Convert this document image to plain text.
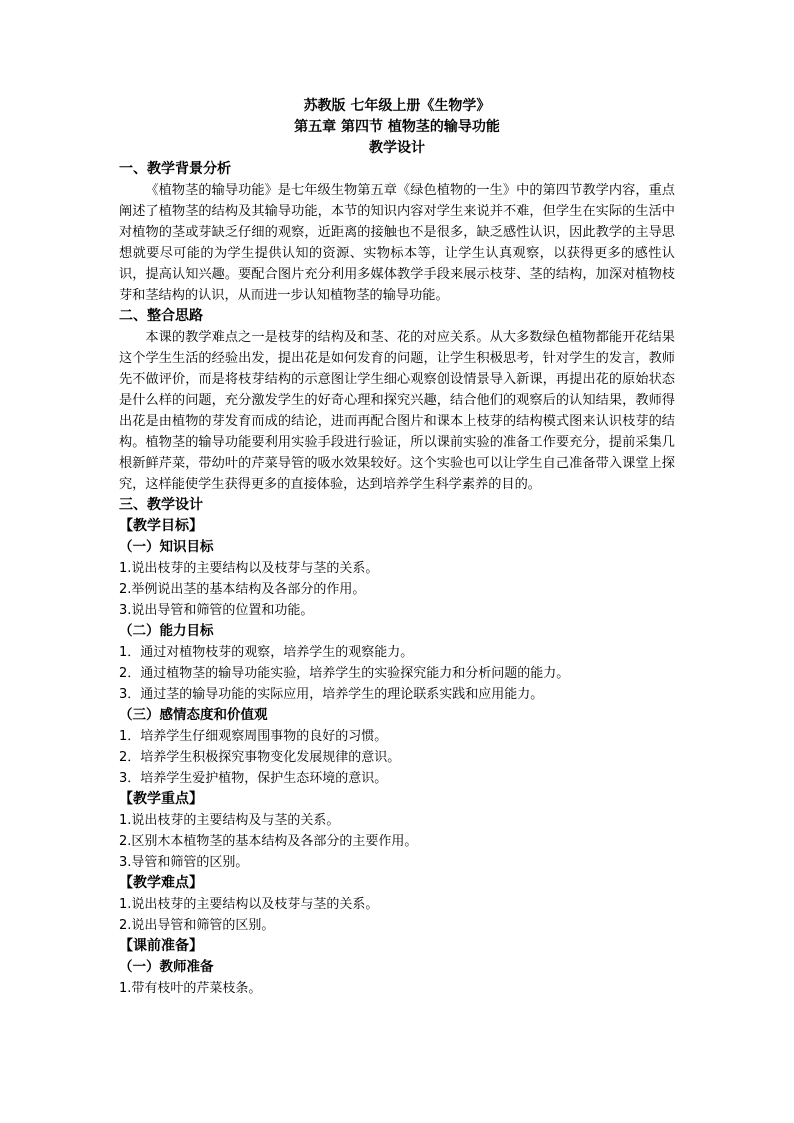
苏教版 七年级上册《生物学》
第五章 第四节 植物茎的输导功能
教学设计
一、教学背景分析

《植物茎的输导功能》是七年级生物第五章《绿色植物的一生》中的第四节教学内容，重点阐述了植物茎的结构及其输导功能，本节的知识内容对学生来说并不难，但学生在实际的生活中对植物的茎或芽缺乏仔细的观察，近距离的接触也不是很多，缺乏感性认识，因此教学的主导思想就要尽可能的为学生提供认知的资源、实物标本等，让学生认真观察，以获得更多的感性认识，提高认知兴趣。要配合图片充分利用多媒体教学手段来展示枝芽、茎的结构，加深对植物枝芽和茎结构的认识，从而进一步认知植物茎的输导功能。

二、整合思路

本课的教学难点之一是枝芽的结构及和茎、花的对应关系。从大多数绿色植物都能开花结果这个学生生活的经验出发，提出花是如何发育的问题，让学生积极思考，针对学生的发言，教师先不做评价，而是将枝芽结构的示意图让学生细心观察创设情景导入新课，再提出花的原始状态是什么样的问题，充分激发学生的好奇心理和探究兴趣，结合他们的观察后的认知结果，教师得出花是由植物的芽发育而成的结论，进而再配合图片和课本上枝芽的结构模式图来认识枝芽的结构。植物茎的输导功能要利用实验手段进行验证，所以课前实验的准备工作要充分，提前采集几根新鲜芹菜，带幼叶的芹菜导管的吸水效果较好。这个实验也可以让学生自己准备带入课堂上探究，这样能使学生获得更多的直接体验，达到培养学生科学素养的目的。

三、教学设计
【教学目标】
（一）知识目标
1.说出枝芽的主要结构以及枝芽与茎的关系。
2.举例说出茎的基本结构及各部分的作用。
3.说出导管和筛管的位置和功能。
（二）能力目标
1．通过对植物枝芽的观察，培养学生的观察能力。
2．通过植物茎的输导功能实验，培养学生的实验探究能力和分析问题的能力。
3．通过茎的输导功能的实际应用，培养学生的理论联系实践和应用能力。
（三）感情态度和价值观
1．培养学生仔细观察周围事物的良好的习惯。
2．培养学生积极探究事物变化发展规律的意识。
3．培养学生爱护植物，保护生态环境的意识。
【教学重点】
1.说出枝芽的主要结构及与茎的关系。
2.区别木本植物茎的基本结构及各部分的主要作用。
3.导管和筛管的区别。
【教学难点】
1.说出枝芽的主要结构以及枝芽与茎的关系。
2.说出导管和筛管的区别。
【课前准备】
（一）教师准备
1.带有枝叶的芹菜枝条。
